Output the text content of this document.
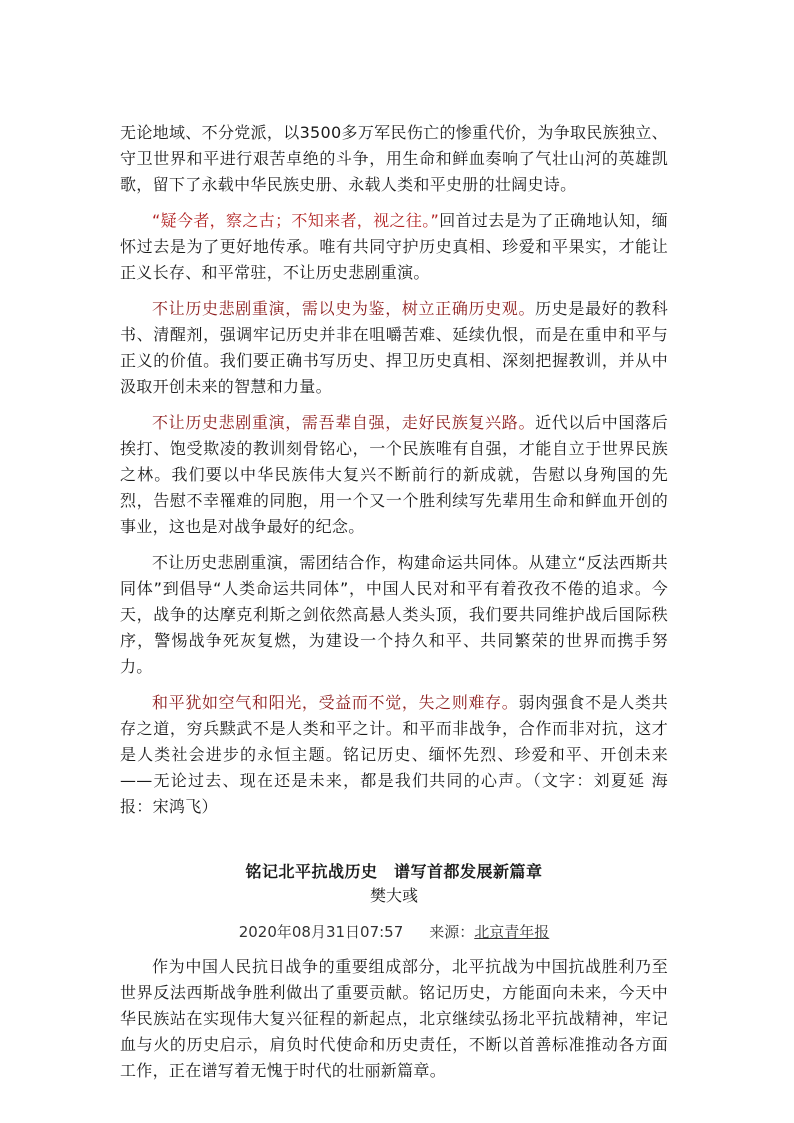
无论地域、不分党派，以3500多万军民伤亡的惨重代价，为争取民族独立、守卫世界和平进行艰苦卓绝的斗争，用生命和鲜血奏响了气壮山河的英雄凯歌，留下了永载中华民族史册、永载人类和平史册的壮阔史诗。

“疑今者，察之古；不知来者，视之往。”回首过去是为了正确地认知，缅怀过去是为了更好地传承。唯有共同守护历史真相、珍爱和平果实，才能让正义长存、和平常驻，不让历史悲剧重演。

不让历史悲剧重演，需以史为鉴，树立正确历史观。历史是最好的教科书、清醒剂，强调牢记历史并非在咀嚼苦难、延续仇恨，而是在重申和平与正义的价值。我们要正确书写历史、捍卫历史真相、深刻把握教训，并从中汲取开创未来的智慧和力量。

不让历史悲剧重演，需吾辈自强，走好民族复兴路。近代以后中国落后挨打、饱受欺凌的教训刻骨铭心，一个民族唯有自强，才能自立于世界民族之林。我们要以中华民族伟大复兴不断前行的新成就，告慰以身殉国的先烈，告慰不幸罹难的同胞，用一个又一个胜利续写先辈用生命和鲜血开创的事业，这也是对战争最好的纪念。

不让历史悲剧重演，需团结合作，构建命运共同体。从建立“反法西斯共同体”到倡导“人类命运共同体”，中国人民对和平有着孜孜不倦的追求。今天，战争的达摩克利斯之剑依然高悬人类头顶，我们要共同维护战后国际秩序，警惕战争死灰复燃，为建设一个持久和平、共同繁荣的世界而携手努力。

和平犹如空气和阳光，受益而不觉，失之则难存。弱肉强食不是人类共存之道，穷兵黩武不是人类和平之计。和平而非战争，合作而非对抗，这才是人类社会进步的永恒主题。铭记历史、缅怀先烈、珍爱和平、开创未来——无论过去、现在还是未来，都是我们共同的心声。（文字：刘夏延 海报：宋鸿飞）

铭记北平抗战历史　谱写首都发展新篇章
樊大彧
2020年08月31日07:57 来源：北京青年报

作为中国人民抗日战争的重要组成部分，北平抗战为中国抗战胜利乃至世界反法西斯战争胜利做出了重要贡献。铭记历史，方能面向未来，今天中华民族站在实现伟大复兴征程的新起点，北京继续弘扬北平抗战精神，牢记血与火的历史启示，肩负时代使命和历史责任，不断以首善标准推动各方面工作，正在谱写着无愧于时代的壮丽新篇章。
